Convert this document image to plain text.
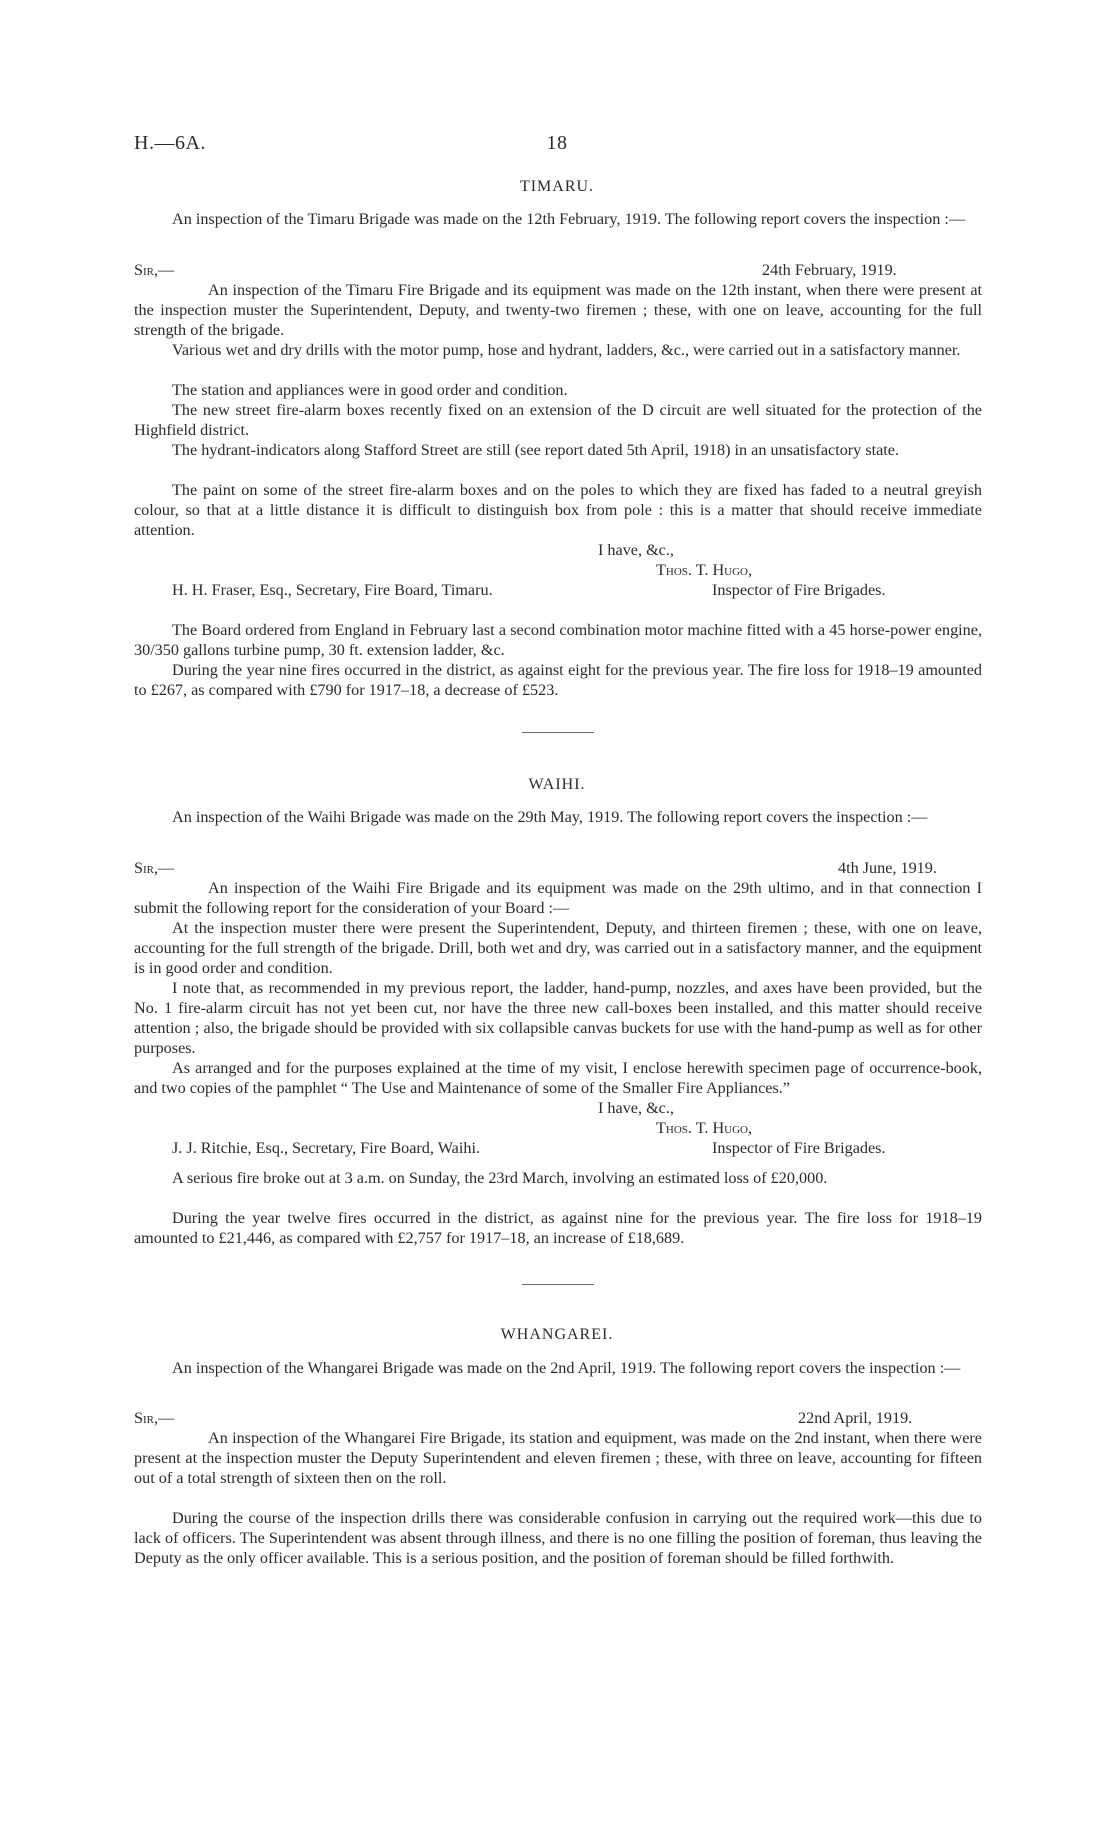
H.—6A.	18
TIMARU.
An inspection of the Timaru Brigade was made on the 12th February, 1919. The following report covers the inspection :—
Sir,—	24th February, 1919.
An inspection of the Timaru Fire Brigade and its equipment was made on the 12th instant, when there were present at the inspection muster the Superintendent, Deputy, and twenty-two firemen ; these, with one on leave, accounting for the full strength of the brigade.
Various wet and dry drills with the motor pump, hose and hydrant, ladders, &c., were carried out in a satisfactory manner.
The station and appliances were in good order and condition.
The new street fire-alarm boxes recently fixed on an extension of the D circuit are well situated for the protection of the Highfield district.
The hydrant-indicators along Stafford Street are still (see report dated 5th April, 1918) in an unsatisfactory state.
The paint on some of the street fire-alarm boxes and on the poles to which they are fixed has faded to a neutral greyish colour, so that at a little distance it is difficult to distinguish box from pole : this is a matter that should receive immediate attention.
I have, &c.,
Thos. T. Hugo,
H. H. Fraser, Esq., Secretary, Fire Board, Timaru.	Inspector of Fire Brigades.
The Board ordered from England in February last a second combination motor machine fitted with a 45 horse-power engine, 30/350 gallons turbine pump, 30 ft. extension ladder, &c.
During the year nine fires occurred in the district, as against eight for the previous year. The fire loss for 1918–19 amounted to £267, as compared with £790 for 1917–18, a decrease of £523.
WAIHI.
An inspection of the Waihi Brigade was made on the 29th May, 1919. The following report covers the inspection :—
Sir,—	4th June, 1919.
An inspection of the Waihi Fire Brigade and its equipment was made on the 29th ultimo, and in that connection I submit the following report for the consideration of your Board :—
At the inspection muster there were present the Superintendent, Deputy, and thirteen firemen ; these, with one on leave, accounting for the full strength of the brigade. Drill, both wet and dry, was carried out in a satisfactory manner, and the equipment is in good order and condition.
I note that, as recommended in my previous report, the ladder, hand-pump, nozzles, and axes have been provided, but the No. 1 fire-alarm circuit has not yet been cut, nor have the three new call-boxes been installed, and this matter should receive attention ; also, the brigade should be provided with six collapsible canvas buckets for use with the hand-pump as well as for other purposes.
As arranged and for the purposes explained at the time of my visit, I enclose herewith specimen page of occurrence-book, and two copies of the pamphlet “ The Use and Maintenance of some of the Smaller Fire Appliances.”
I have, &c.,
Thos. T. Hugo,
J. J. Ritchie, Esq., Secretary, Fire Board, Waihi.	Inspector of Fire Brigades.
A serious fire broke out at 3 a.m. on Sunday, the 23rd March, involving an estimated loss of £20,000.
During the year twelve fires occurred in the district, as against nine for the previous year. The fire loss for 1918–19 amounted to £21,446, as compared with £2,757 for 1917–18, an increase of £18,689.
WHANGAREI.
An inspection of the Whangarei Brigade was made on the 2nd April, 1919. The following report covers the inspection :—
Sir,—	22nd April, 1919.
An inspection of the Whangarei Fire Brigade, its station and equipment, was made on the 2nd instant, when there were present at the inspection muster the Deputy Superintendent and eleven firemen ; these, with three on leave, accounting for fifteen out of a total strength of sixteen then on the roll.
During the course of the inspection drills there was considerable confusion in carrying out the required work—this due to lack of officers. The Superintendent was absent through illness, and there is no one filling the position of foreman, thus leaving the Deputy as the only officer available. This is a serious position, and the position of foreman should be filled forthwith.
